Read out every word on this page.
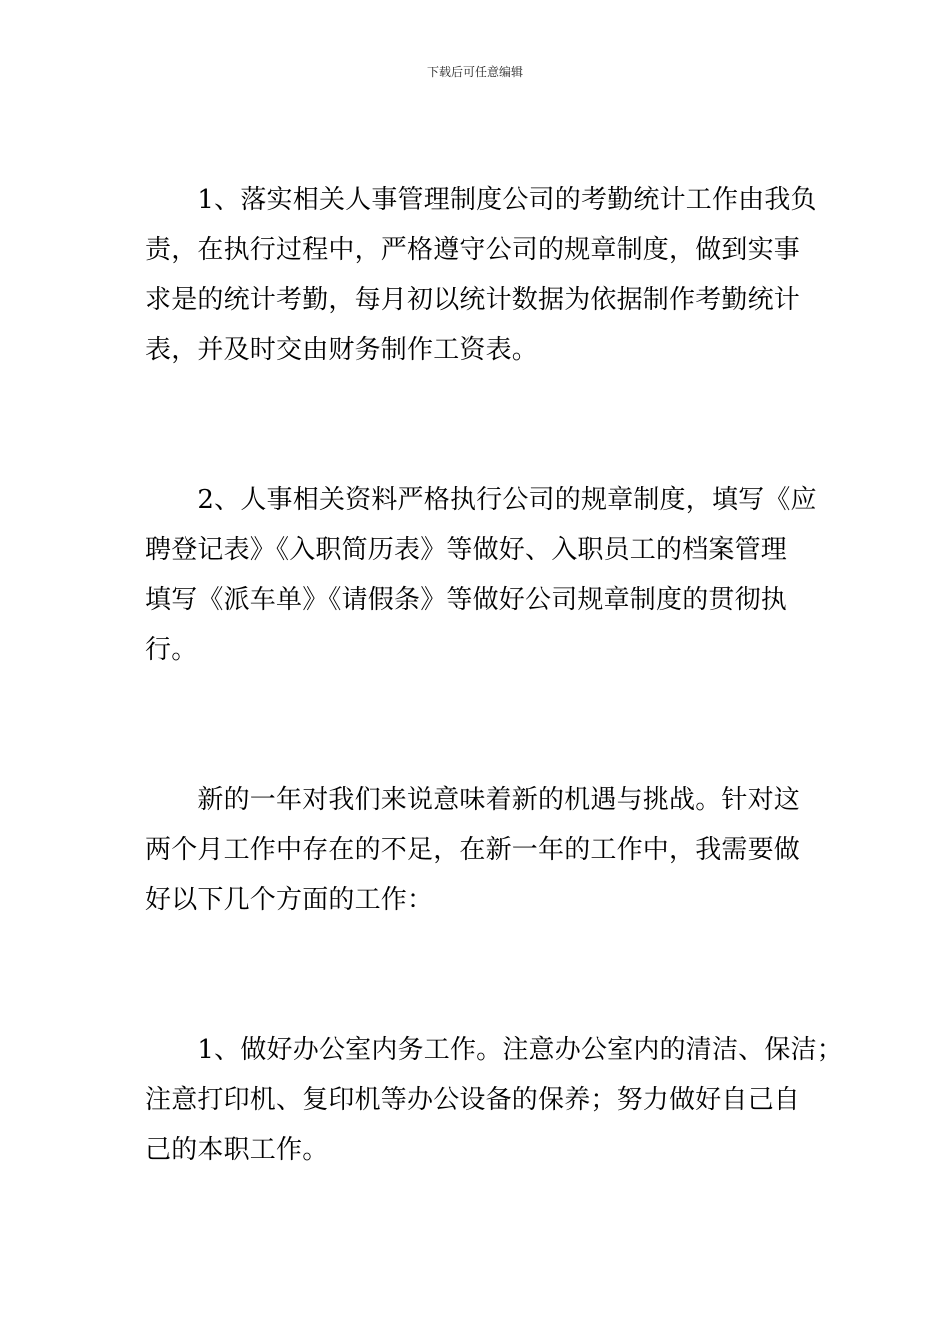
下载后可任意编辑
　　1、落实相关人事管理制度公司的考勤统计工作由我负
责，在执行过程中，严格遵守公司的规章制度，做到实事
求是的统计考勤，每月初以统计数据为依据制作考勤统计
表，并及时交由财务制作工资表。
　　2、人事相关资料严格执行公司的规章制度，填写《应
聘登记表》《入职简历表》等做好、入职员工的档案管理
填写《派车单》《请假条》等做好公司规章制度的贯彻执
行。
　　新的一年对我们来说意味着新的机遇与挑战。针对这
两个月工作中存在的不足，在新一年的工作中，我需要做
好以下几个方面的工作：
　　1、做好办公室内务工作。注意办公室内的清洁、保洁；
注意打印机、复印机等办公设备的保养；努力做好自己自
己的本职工作。
